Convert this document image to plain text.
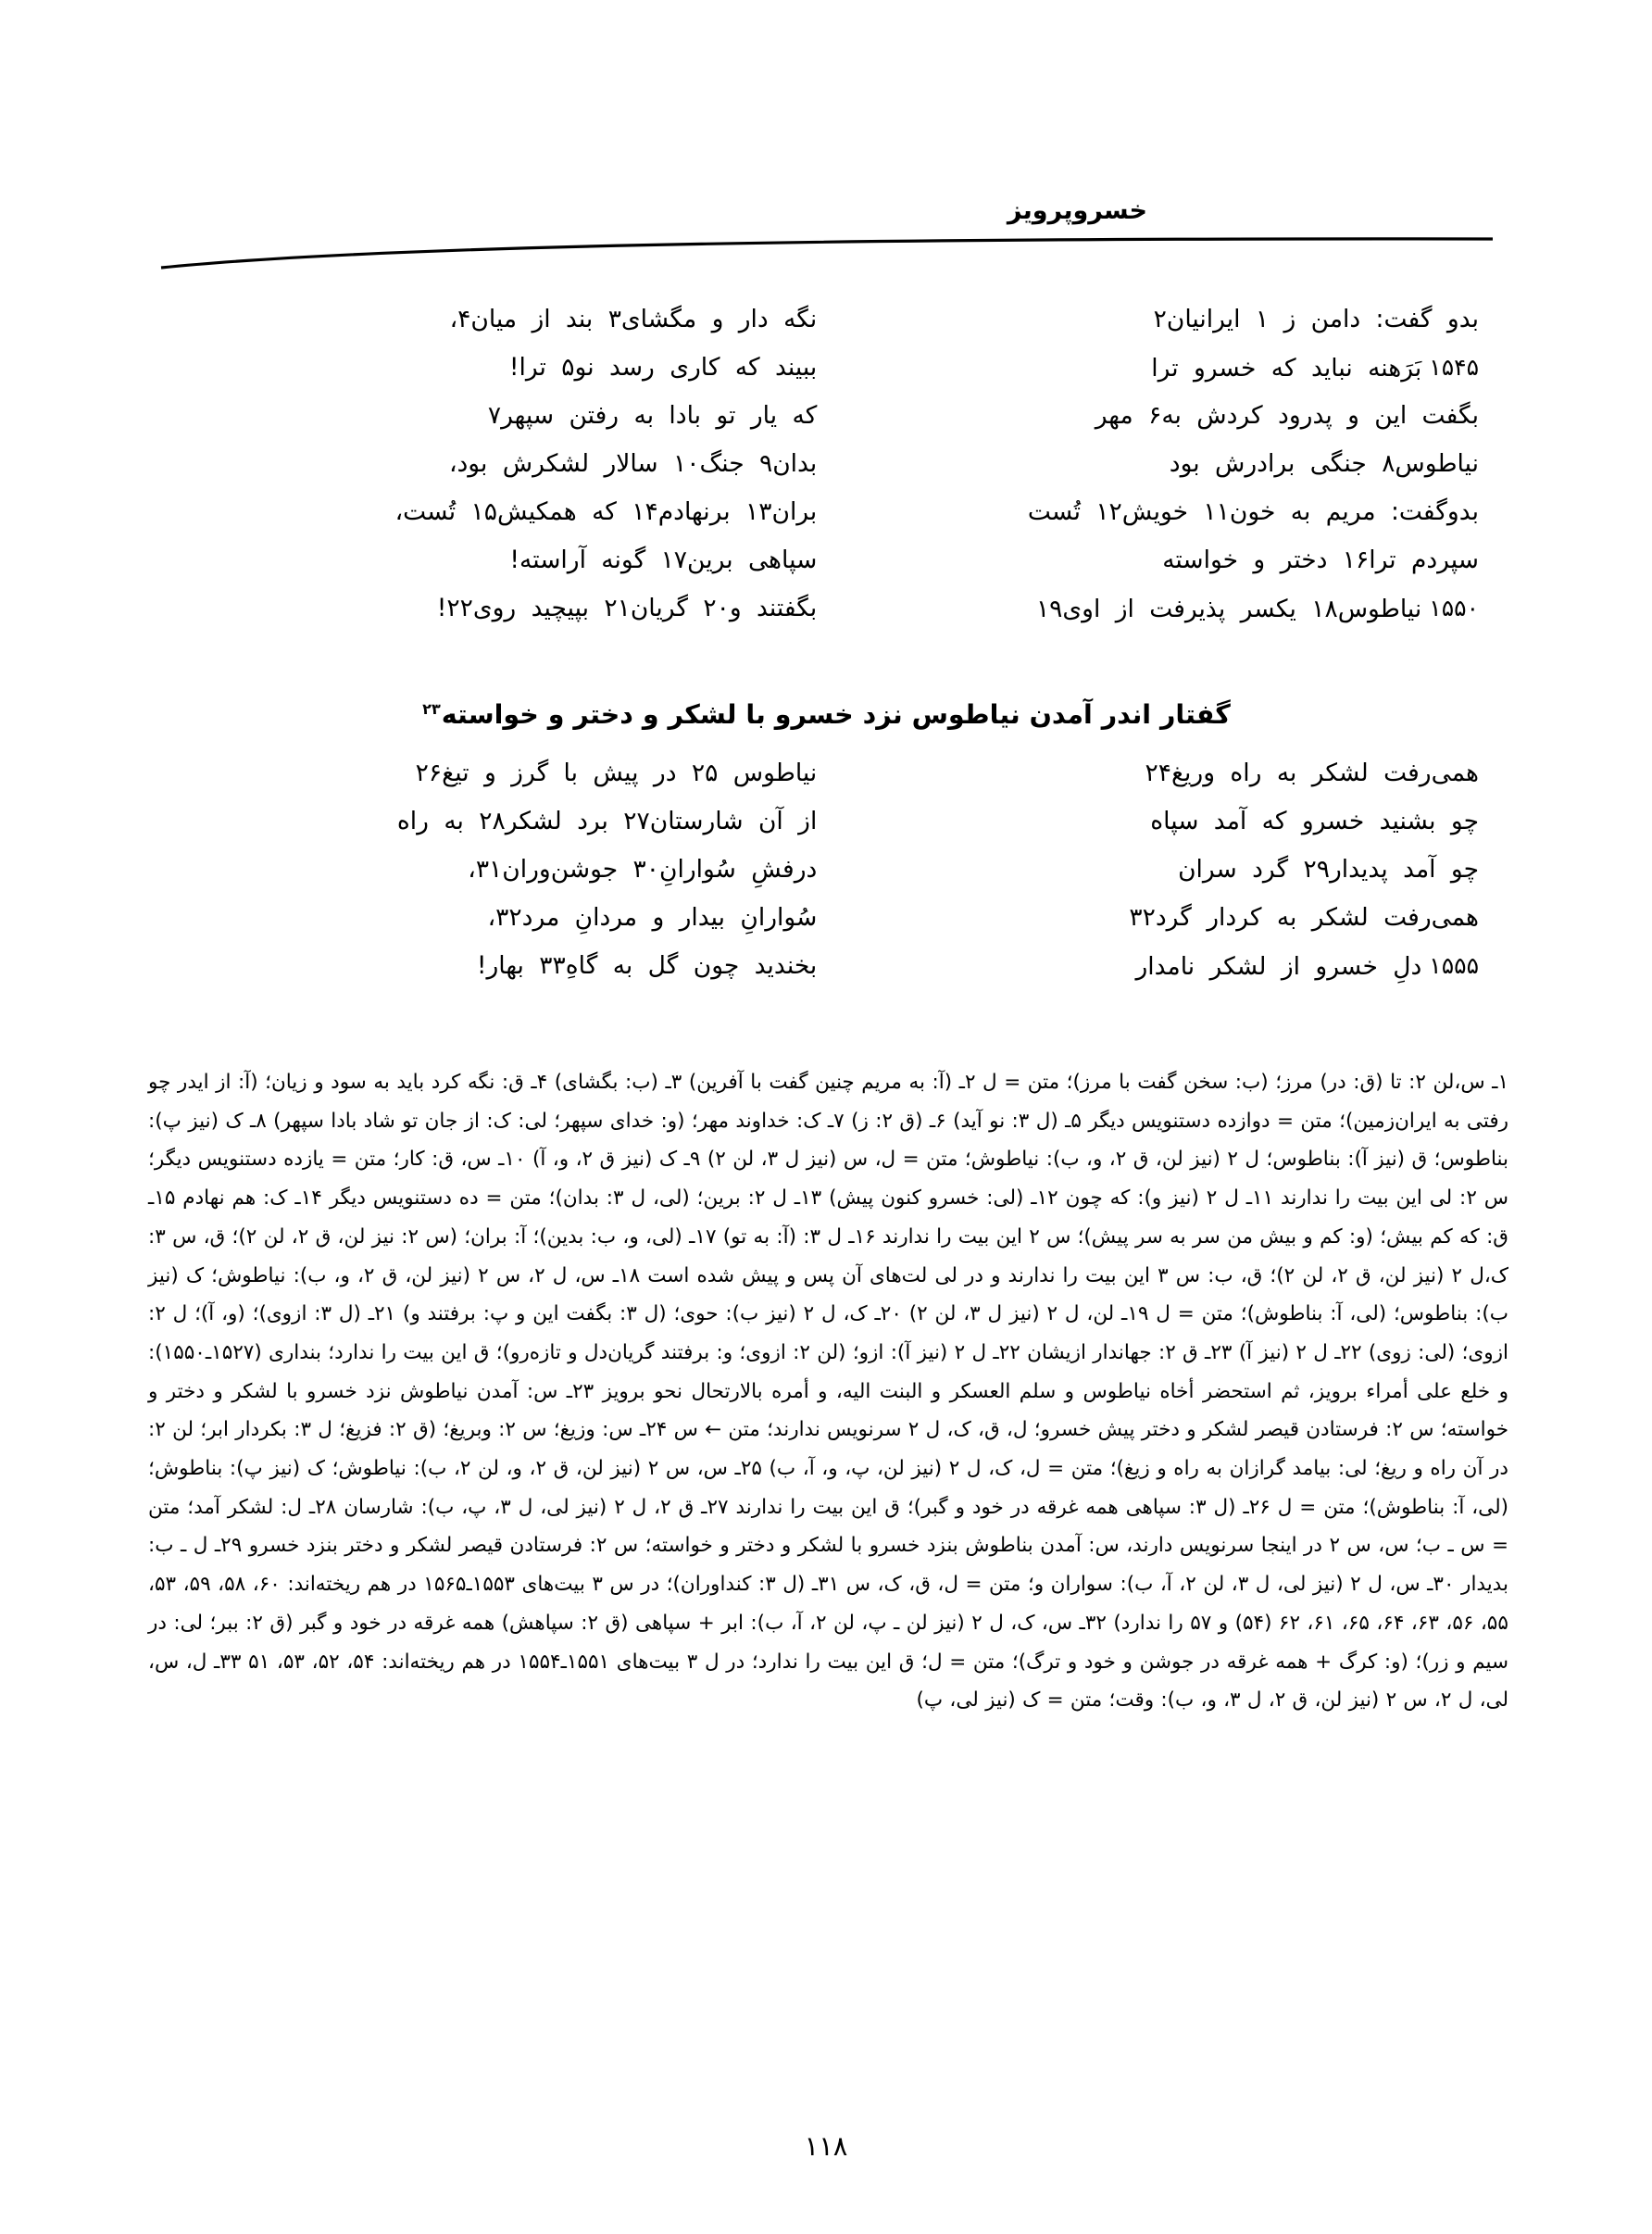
خسروپرویز
بدو گفت: دامن ز ۱ ایرانیان۲
نگه دار و مگشای۳ بند از میان۴،
۱۵۴۵
بَرَهنه نباید که خسرو ترا
ببیند که کاری رسد نو۵ ترا!
بگفت این و پدرود کردش به۶ مهر
که یار تو بادا به رفتن سپهر۷
نیاطوس۸ جنگی برادرش بود
بدان۹ جنگ۱۰ سالار لشکرش بود،
بدوگفت: مریم به خون۱۱ خویش۱۲ تُست
بران۱۳ برنهادم۱۴ که همکیش۱۵ تُست،
سپردم ترا۱۶ دختر و خواسته
سپاهی برین۱۷ گونه آراسته!
۱۵۵۰
نیاطوس۱۸ یکسر پذیرفت از اوی۱۹
بگفتند و۲۰ گریان۲۱ بپیچید روی۲۲!
گفتار اندر آمدن نیاطوس نزد خسرو با لشکر و دختر و خواسته$^{۲۳}$
همی‌رفت لشکر به راه وریغ۲۴
نیاطوس ۲۵ در پیش با گرز و تیغ۲۶
چو بشنید خسرو که آمد سپاه
از آن شارستان۲۷ برد لشکر۲۸ به راه
چو آمد پدیدار۲۹ گرد سران
درفشِ سُوارانِ۳۰ جوشن‌وران۳۱،
همی‌رفت لشکر به کردار گرد۳۲
سُوارانِ بیدار و مردانِ مرد۳۲،
۱۵۵۵
دلِ خسرو از لشکر نامدار
بخندید چون گل به گاهِ۳۳ بهار!

۱ـ س،لن ۲: تا (ق: در) مرز؛ (ب: سخن گفت با مرز)؛ متن = ل ۲ـ (آ: به مریم چنین گفت با آفرین) ۳ـ (ب: بگشای) ۴ـ ق: نگه کرد باید به سود و زیان؛ (آ: از ایدر چو رفتی به ایران‌زمین)؛ متن = دوازده دستنویس دیگر ۵ـ (ل ۳: نو آید) ۶ـ (ق ۲: ز) ۷ـ ک: خداوند مهر؛ (و: خدای سپهر؛ لی: ک: از جان تو شاد بادا سپهر) ۸ـ ک (نیز پ): بناطوس؛ ق (نیز آ): بناطوس؛ ل ۲ (نیز لن، ق ۲، و، ب): نیاطوش؛ متن = ل، س (نیز ل ۳، لن ۲) ۹ـ ک (نیز ق ۲، و، آ) ۱۰ـ س، ق: کار؛ متن = یازده دستنویس دیگر؛ س ۲: لی این بیت را ندارند ۱۱ـ ل ۲ (نیز و): که چون ۱۲ـ (لی: خسرو کنون پیش) ۱۳ـ ل ۲: برین؛ (لی، ل ۳: بدان)؛ متن = ده دستنویس دیگر ۱۴ـ ک: هم نهادم ۱۵ـ ق: که کم بیش؛ (و: کم و بیش من سر به سر پیش)؛ س ۲ این بیت را ندارند ۱۶ـ ل ۳: (آ: به تو) ۱۷ـ (لی، و، ب: بدین)؛ آ: بران؛ (س ۲: نیز لن، ق ۲، لن ۲)؛ ق، س ۳: ک،ل ۲ (نیز لن، ق ۲، لن ۲)؛ ق، ب: س ۳ این بیت را ندارند و در لی لت‌های آن پس و پیش شده است ۱۸ـ س، ل ۲، س ۲ (نیز لن، ق ۲، و، ب): نیاطوش؛ ک (نیز ب): بناطوس؛ (لی، آ: بناطوش)؛ متن = ل ۱۹ـ لن، ل ۲ (نیز ل ۳، لن ۲) ۲۰ـ ک، ل ۲ (نیز ب): حوی؛ (ل ۳: بگفت این و پ: برفتند و) ۲۱ـ (ل ۳: ازوی)؛ (و، آ)؛ ل ۲: ازوی؛ (لی: زوی) ۲۲ـ ل ۲ (نیز آ) ۲۳ـ ق ۲: جهاندار ازیشان ۲۲ـ ل ۲ (نیز آ): ازو؛ (لن ۲: ازوی؛ و: برفتند گریان‌دل و تازه‌رو)؛ ق این بیت را ندارد؛ بنداری (۱۵۲۷ـ۱۵۵۰): و خلع علی أمراء برویز، ثم استحضر أخاه نیاطوس و سلم العسکر و البنت الیه، و أمره بالارتحال نحو برویز ۲۳ـ س: آمدن نیاطوش نزد خسرو با لشکر و دختر و خواسته؛ س ۲: فرستادن قیصر لشکر و دختر پیش خسرو؛ ل، ق، ک، ل ۲ سرنویس ندارند؛ متن ← س ۲۴ـ س: وزیغ؛ س ۲: وبریغ؛ (ق ۲: فزیغ؛ ل ۳: بکردار ابر؛ لن ۲: در آن راه و ریغ؛ لی: بیامد گرازان به راه و زیغ)؛ متن = ل، ک، ل ۲ (نیز لن، پ، و، آ، ب) ۲۵ـ س، س ۲ (نیز لن، ق ۲، و، لن ۲، ب): نیاطوش؛ ک (نیز پ): بناطوش؛ (لی، آ: بناطوش)؛ متن = ل ۲۶ـ (ل ۳: سپاهی همه غرقه در خود و گبر)؛ ق این بیت را ندارند ۲۷ـ ق ۲، ل ۲ (نیز لی، ل ۳، پ، ب): شارسان ۲۸ـ ل: لشکر آمد؛ متن = س ـ ب؛ س، س ۲ در اینجا سرنویس دارند، س: آمدن بناطوش بنزد خسرو با لشکر و دختر و خواسته؛ س ۲: فرستادن قیصر لشکر و دختر بنزد خسرو ۲۹ـ ل ـ ب: بدیدار ۳۰ـ س، ل ۲ (نیز لی، ل ۳، لن ۲، آ، ب): سواران و؛ متن = ل، ق، ک، س ۳۱ـ (ل ۳: کنداوران)؛ در س ۳ بیت‌های ۱۵۵۳ـ۱۵۶۵ در هم ریخته‌اند: ۶۰، ۵۸، ۵۹، ۵۳، ۵۵، ۵۶، ۶۳، ۶۴، ۶۵، ۶۱، ۶۲ (۵۴) و ۵۷ را ندارد) ۳۲ـ س، ک، ل ۲ (نیز لن ـ پ، لن ۲، آ، ب): ابر + سپاهی (ق ۲: سپاهش) همه غرقه در خود و گبر (ق ۲: ببر؛ لی: در سیم و زر)؛ (و: کرگ + همه غرقه در جوشن و خود و ترگ)؛ متن = ل؛ ق این بیت را ندارد؛ در ل ۳ بیت‌های ۱۵۵۱ـ۱۵۵۴ در هم ریخته‌اند: ۵۴، ۵۲، ۵۳، ۵۱ ۳۳ـ ل، س، لی، ل ۲، س ۲ (نیز لن، ق ۲، ل ۳، و، ب): وقت؛ متن = ک (نیز لی، پ)

۱۱۸
